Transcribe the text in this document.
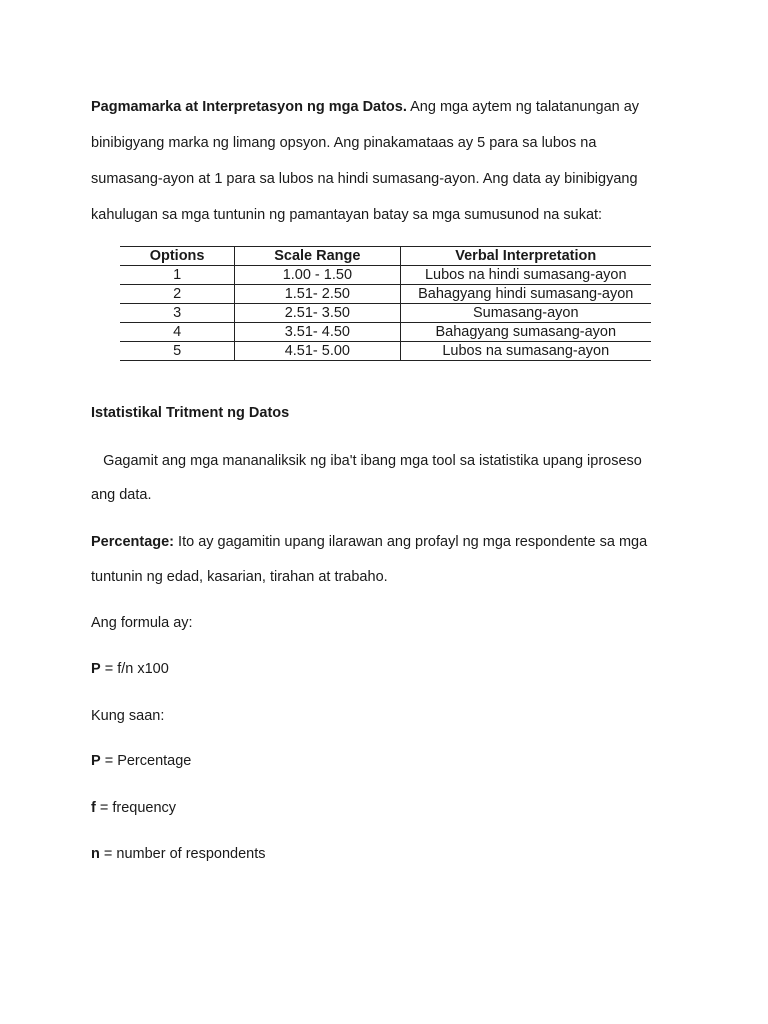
Pagmamarka at Interpretasyon ng mga Datos. Ang mga aytem ng talatanungan ay
binibigyang marka ng limang opsyon. Ang pinakamataas ay 5 para sa lubos na
sumasang-ayon at 1 para sa lubos na hindi sumasang-ayon. Ang data ay binibigyang
kahulugan sa mga tuntunin ng pamantayan batay sa mga sumusunod na sukat:

Options	Scale Range	Verbal Interpretation
1	1.00 - 1.50	Lubos na hindi sumasang-ayon
2	1.51- 2.50	Bahagyang hindi sumasang-ayon
3	2.51- 3.50	Sumasang-ayon
4	3.51- 4.50	Bahagyang sumasang-ayon
5	4.51- 5.00	Lubos na sumasang-ayon

Istatistikal Tritment ng Datos

Gagamit ang mga mananaliksik ng iba't ibang mga tool sa istatistika upang iproseso

ang data.

Percentage: Ito ay gagamitin upang ilarawan ang profayl ng mga respondente sa mga

tuntunin ng edad, kasarian, tirahan at trabaho.

Ang formula ay:

P = f/n x100

Kung saan:

P = Percentage

f = frequency

n = number of respondents
